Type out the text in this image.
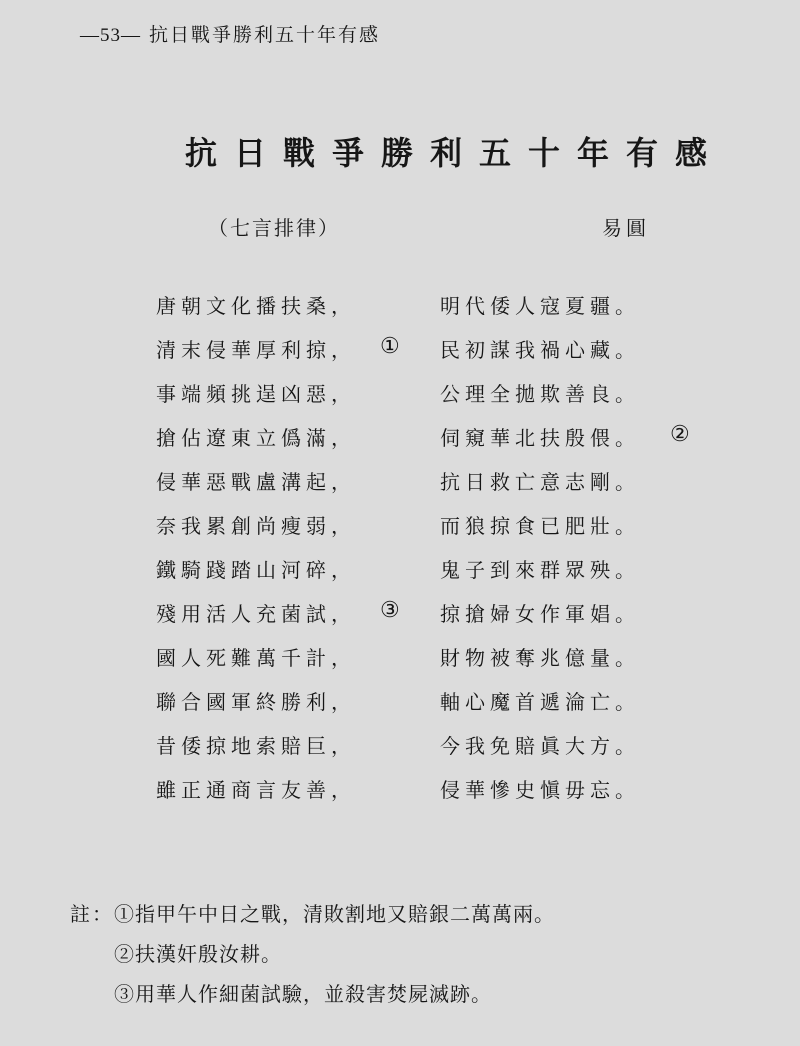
—53— 抗日戰爭勝利五十年有感
抗日戰爭勝利五十年有感
（七言排律）	易圓
唐朝文化播扶桑，	明代倭人寇夏疆。
清末侵華厚利掠， ① 民初謀我禍心藏。
事端頻挑逞凶惡，	公理全拋欺善良。
搶佔遼東立僞滿，	伺窺華北扶殷偎。 ②
侵華惡戰盧溝起，	抗日救亡意志剛。
奈我累創尚瘦弱，	而狼掠食已肥壯。
鐵騎踐踏山河碎，	鬼子到來群眾殃。
殘用活人充菌試， ③ 掠搶婦女作軍娼。
國人死難萬千計，	財物被奪兆億量。
聯合國軍終勝利，	軸心魔首遞淪亡。
昔倭掠地索賠巨，	今我免賠眞大方。
雖正通商言友善，	侵華慘史愼毋忘。
註： ①指甲午中日之戰，清敗割地又賠銀二萬萬兩。
②扶漢奸殷汝耕。
③用華人作細菌試驗，並殺害焚屍滅跡。
